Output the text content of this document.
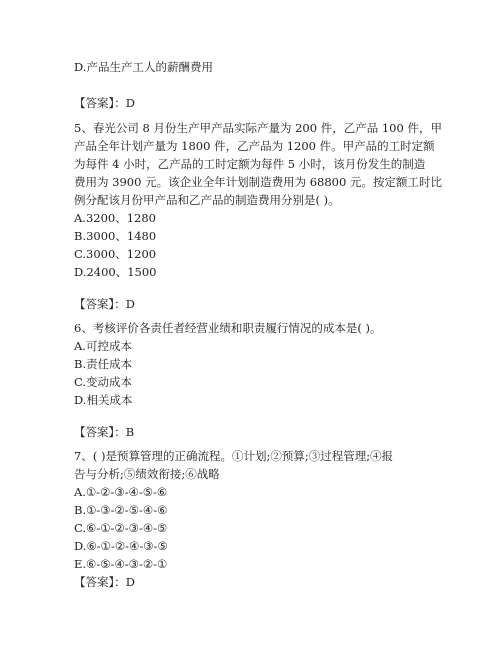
D.产品生产工人的薪酬费用
【答案】：D
5、春光公司 8 月份生产甲产品实际产量为 200 件，乙产品 100 件，甲
产品全年计划产量为 1800 件，乙产品为 1200 件。甲产品的工时定额
为每件 4 小时，乙产品的工时定额为每件 5 小时，该月份发生的制造
费用为 3900 元。该企业全年计划制造费用为 68800 元。按定额工时比
例分配该月份甲产品和乙产品的制造费用分别是( )。
A.3200、1280
B.3000、1480
C.3000、1200
D.2400、1500
【答案】：D
6、考核评价各责任者经营业绩和职责履行情况的成本是( )。
A.可控成本
B.责任成本
C.变动成本
D.相关成本
【答案】：B
7、( )是预算管理的正确流程。①计划;②预算;③过程管理;④报
告与分析;⑤绩效衔接;⑥战略
A.①-②-③-④-⑤-⑥
B.①-③-②-⑤-④-⑥
C.⑥-①-②-③-④-⑤
D.⑥-①-②-④-③-⑤
E.⑥-⑤-④-③-②-①
【答案】：D
